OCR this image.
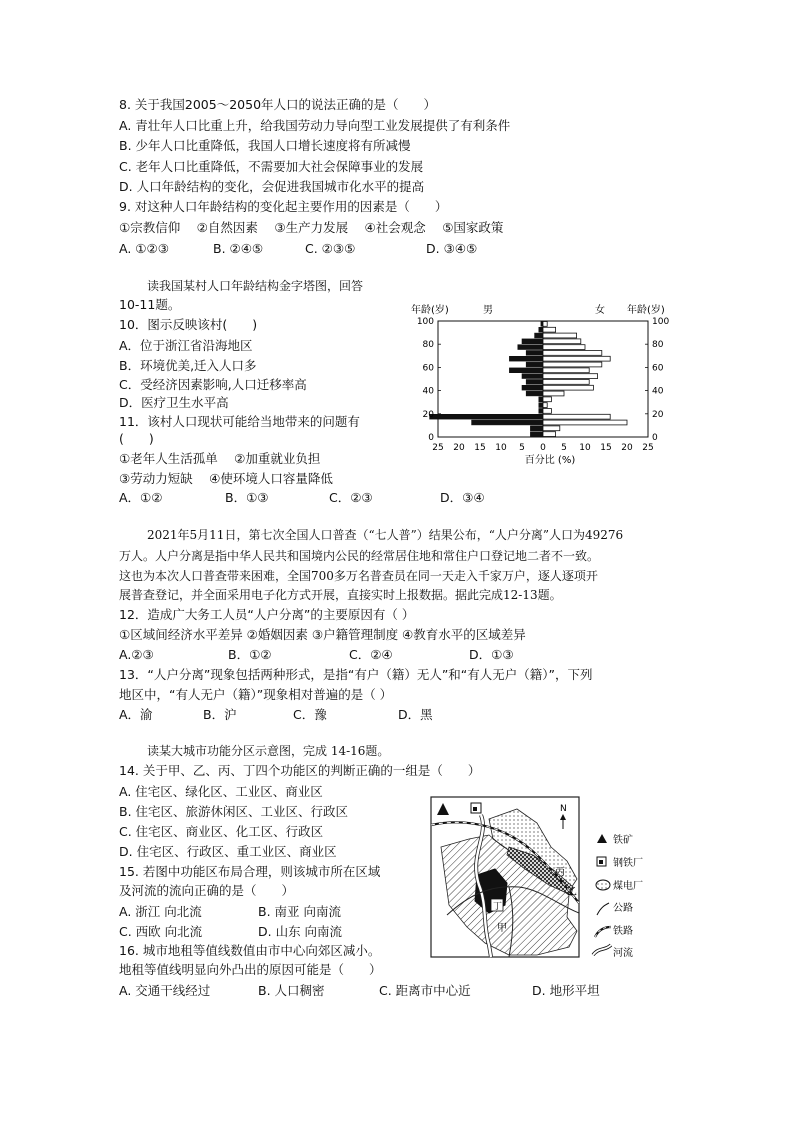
8. 关于我国2005～2050年人口的说法正确的是（　　）
A. 青壮年人口比重上升，给我国劳动力导向型工业发展提供了有利条件
B. 少年人口比重降低，我国人口增长速度将有所减慢
C. 老年人口比重降低，不需要加大社会保障事业的发展
D. 人口年龄结构的变化，会促进我国城市化水平的提高
9. 对这种人口年龄结构的变化起主要作用的因素是（　　）
①宗教信仰　 ②自然因素　 ③生产力发展　 ④社会观念　 ⑤国家政策
A. ①②③	B. ②④⑤	C. ②③⑤	D. ③④⑤
读我国某村人口年龄结构金字塔图，回答
10-11题。
10．图示反映该村(　　)
A．位于浙江省沿海地区
B．环境优美,迁入人口多
C．受经济因素影响,人口迁移率高
D．医疗卫生水平高
11．该村人口现状可能给当地带来的问题有
(　　)
①老年人生活孤单　 ②加重就业负担
③劳动力短缺　 ④使环境人口容量降低
A．①②	B．①③	C．②③	D．③④
年龄(岁)	男	女 年龄(岁)
100	100
80	80
60	60
40	40
20	20
0	0
25 20 15 10 5 0 5 10 15 20 25
百分比 (%)
2021年5月11日，第七次全国人口普查（“七人普”）结果公布，“人户分离”人口为49276
万人。人户分离是指中华人民共和国境内公民的经常居住地和常住户口登记地二者不一致。
这也为本次人口普查带来困难，全国700多万名普查员在同一天走入千家万户，逐人逐项开
展普查登记，并全面采用电子化方式开展，直接实时上报数据。据此完成12-13题。
12．造成广大务工人员“人户分离”的主要原因有（ ）
①区域间经济水平差异 ②婚姻因素 ③户籍管理制度 ④教育水平的区域差异
A.②③	B．①②	C．②④	D．①③
13．“人户分离”现象包括两种形式，是指“有户（籍）无人”和“有人无户（籍）”，下列
地区中，“有人无户（籍）”现象相对普遍的是（ ）
A．渝	B．沪	C．豫	D．黑
读某大城市功能分区示意图，完成 14-16题。
14. 关于甲、乙、丙、丁四个功能区的判断正确的一组是（　　）
A. 住宅区、绿化区、工业区、商业区
B. 住宅区、旅游休闲区、工业区、行政区
C. 住宅区、商业区、化工区、行政区
D. 住宅区、行政区、重工业区、商业区
15. 若图中功能区布局合理，则该城市所在区域
及河流的流向正确的是（　　）
A. 浙江 向北流	B. 南亚 向南流
C. 西欧 向北流	D. 山东 向南流
16. 城市地租等值线数值由市中心向郊区减小。
地租等值线明显向外凸出的原因可能是（　　）
A. 交通干线经过	B. 人口稠密	C. 距离市中心近	D. 地形平坦
N
甲
乙
丙
丁
铁矿
钢铁厂
煤电厂
公路
铁路
河流
